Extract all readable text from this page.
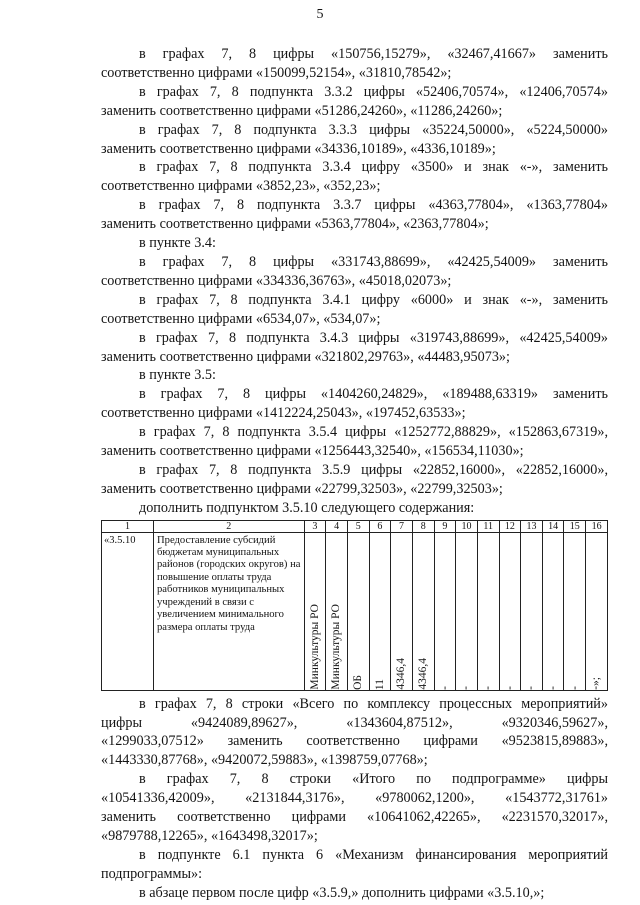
5
в графах 7, 8 цифры «150756,15279», «32467,41667» заменить
соответственно цифрами «150099,52154», «31810,78542»;
в графах 7, 8 подпункта 3.3.2 цифры «52406,70574», «12406,70574»
заменить соответственно цифрами «51286,24260», «11286,24260»;
в графах 7, 8 подпункта 3.3.3 цифры «35224,50000», «5224,50000»
заменить соответственно цифрами «34336,10189», «4336,10189»;
в графах 7, 8 подпункта 3.3.4 цифру «3500» и знак «-», заменить
соответственно цифрами «3852,23», «352,23»;
в графах 7, 8 подпункта 3.3.7 цифры «4363,77804», «1363,77804»
заменить соответственно цифрами «5363,77804», «2363,77804»;
в пункте 3.4:
в графах 7, 8 цифры «331743,88699», «42425,54009» заменить
соответственно цифрами «334336,36763», «45018,02073»;
в графах 7, 8 подпункта 3.4.1 цифру «6000» и знак «-», заменить
соответственно цифрами «6534,07», «534,07»;
в графах 7, 8 подпункта 3.4.3 цифры «319743,88699», «42425,54009»
заменить соответственно цифрами «321802,29763», «44483,95073»;
в пункте 3.5:
в графах 7, 8 цифры «1404260,24829», «189488,63319» заменить
соответственно цифрами «1412224,25043», «197452,63533»;
в графах 7, 8 подпункта 3.5.4 цифры «1252772,88829», «152863,67319»,
заменить соответственно цифрами «1256443,32540», «156534,11030»;
в графах 7, 8 подпункта 3.5.9 цифры «22852,16000», «22852,16000»,
заменить соответственно цифрами «22799,32503», «22799,32503»;
дополнить подпунктом 3.5.10 следующего содержания:
1	2	3	4	5	6	7	8	9	10	11	12	13	14	15	16
«3.5.10	Предоставление субсидий бюджетам муниципальных районов (городских округов) на повышение оплаты труда работников муниципальных учреждений в связи с увеличением минимального размера оплаты труда	Минкультуры РО	Минкультуры РО	ОБ	11	4346,4	4346,4	-	-	-	-	-	-	-	-»;
в графах 7, 8 строки «Всего по комплексу процессных мероприятий»
цифры «9424089,89627», «1343604,87512», «9320346,59627»,
«1299033,07512» заменить соответственно цифрами «9523815,89883»,
«1443330,87768», «9420072,59883», «1398759,07768»;
в графах 7, 8 строки «Итого по подпрограмме» цифры
«10541336,42009», «2131844,3176», «9780062,1200», «1543772,31761»
заменить соответственно цифрами «10641062,42265», «2231570,32017»,
«9879788,12265», «1643498,32017»;
в подпункте 6.1 пункта 6 «Механизм финансирования мероприятий
подпрограммы»:
в абзаце первом после цифр «3.5.9,» дополнить цифрами «3.5.10,»;
